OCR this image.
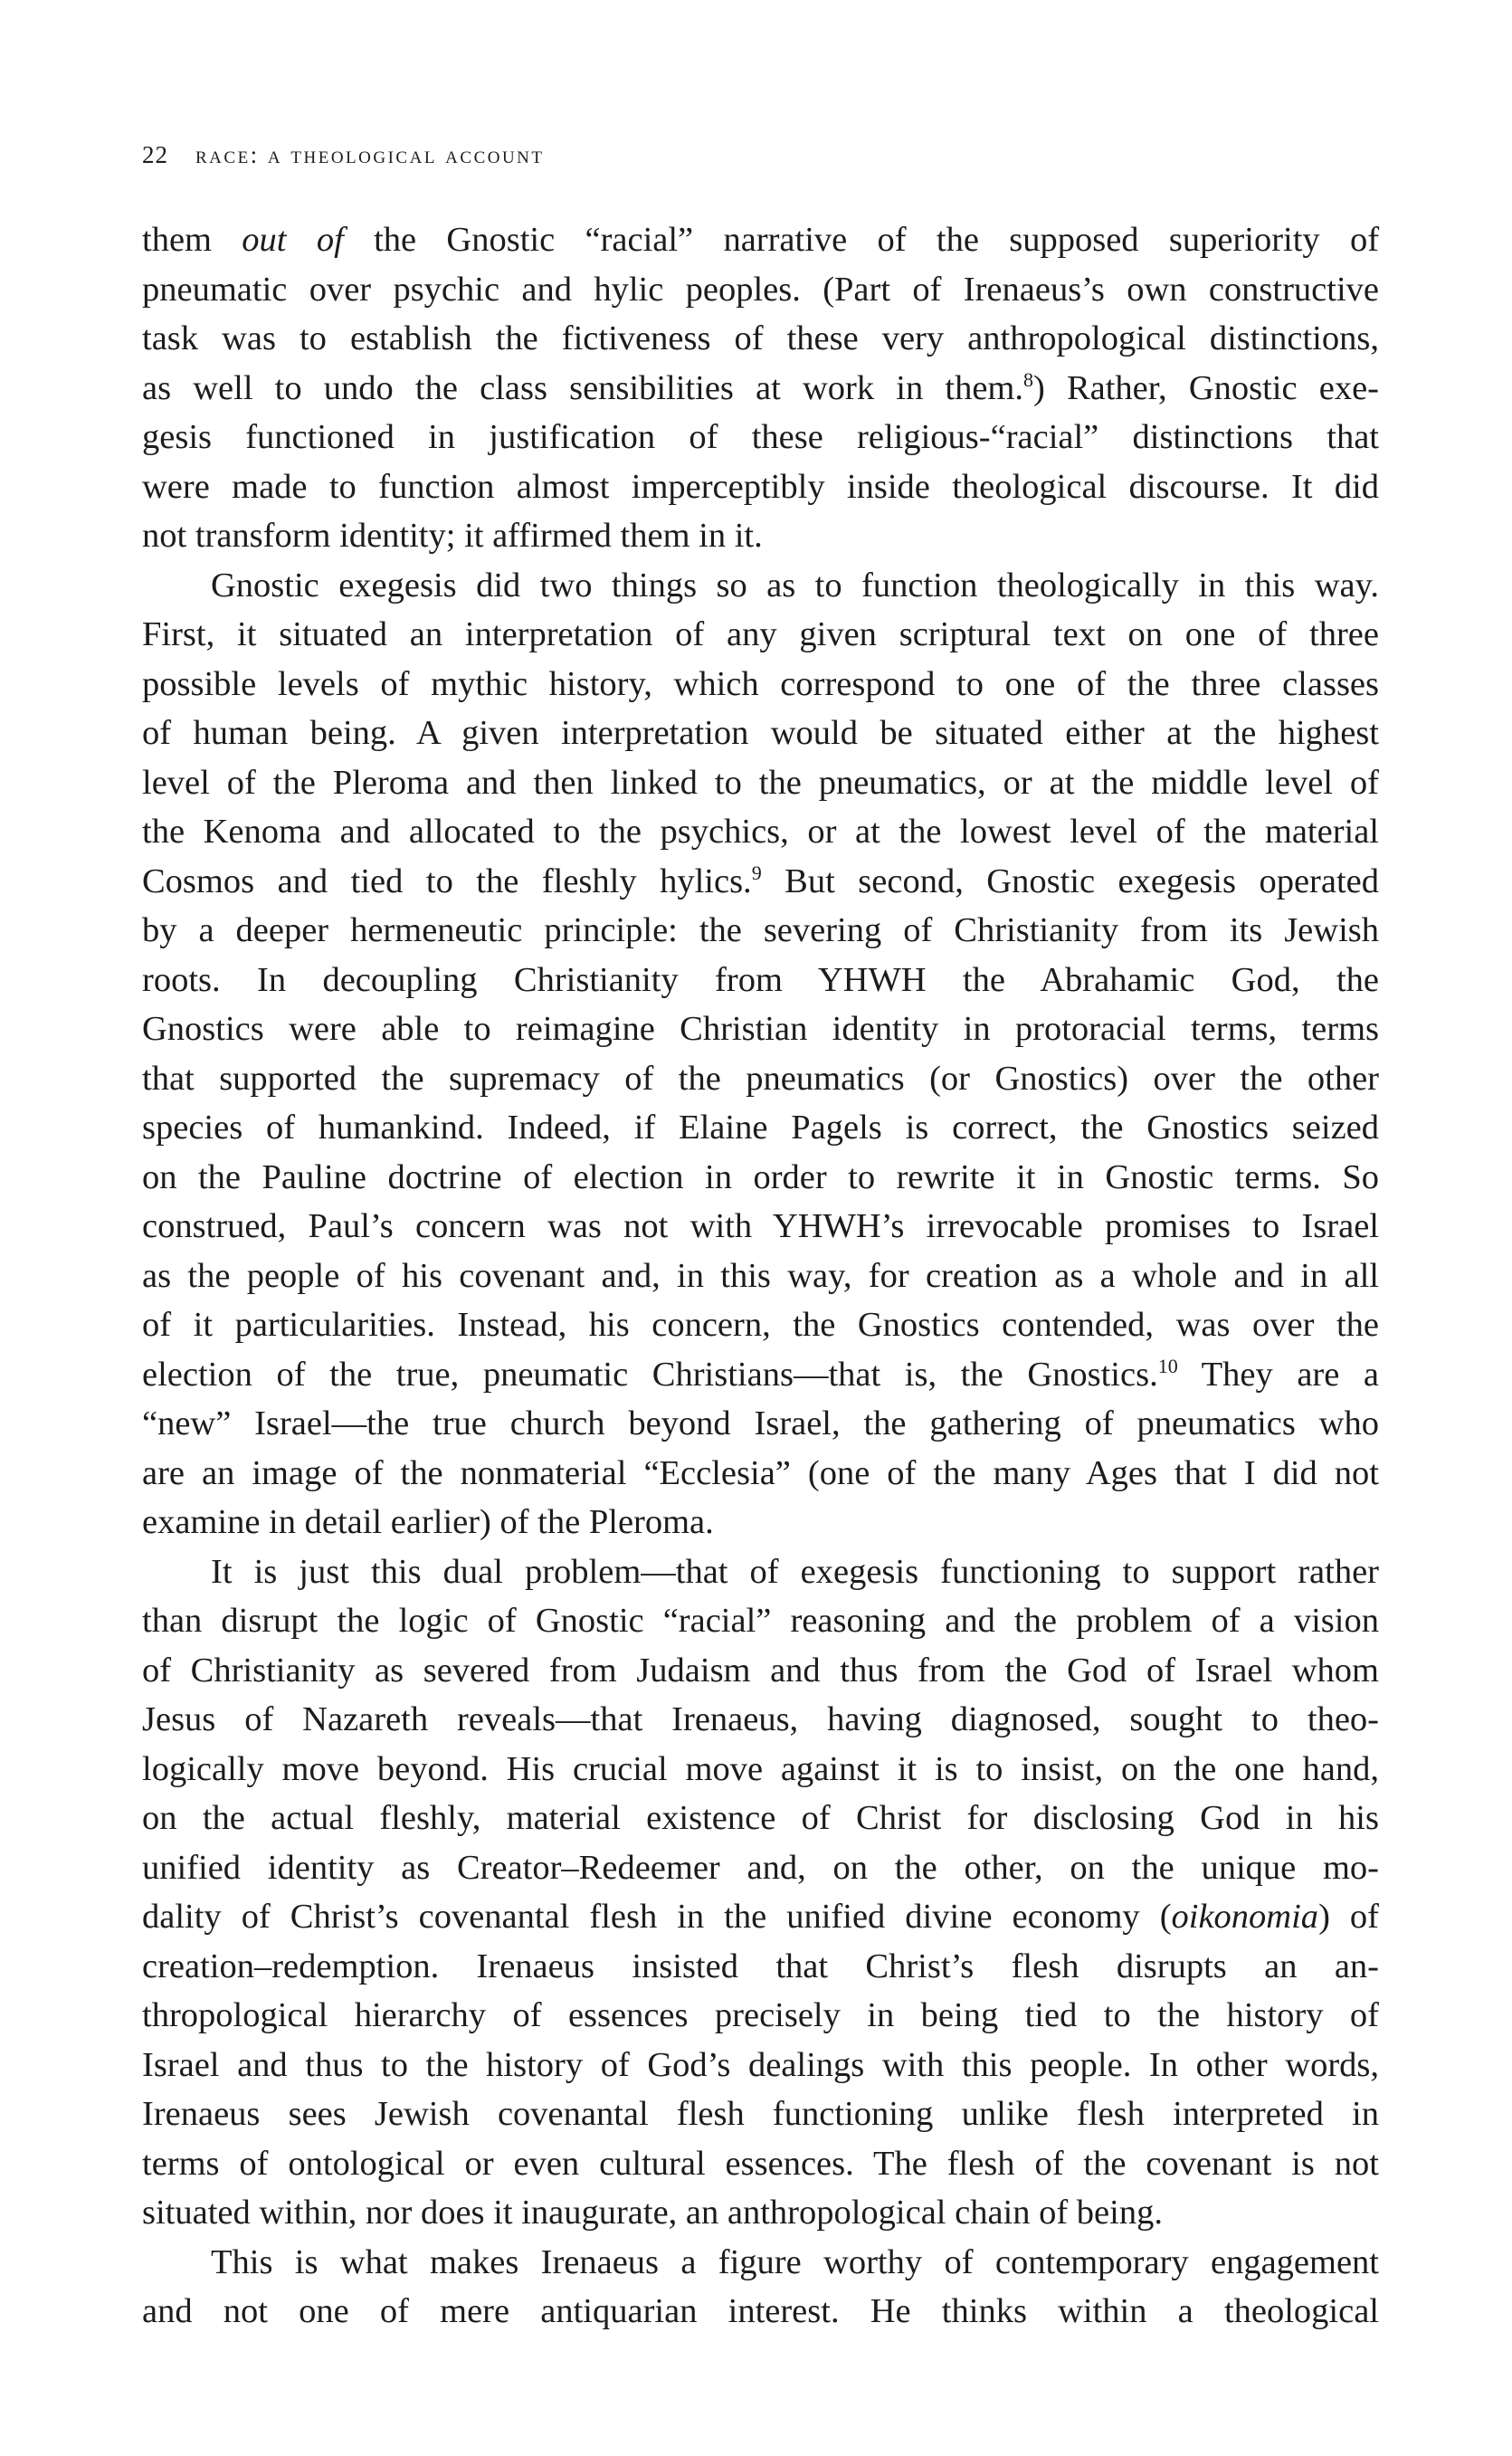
22 race: a theological account
them out of the Gnostic “racial” narrative of the supposed superiority of
pneumatic over psychic and hylic peoples. (Part of Irenaeus’s own constructive
task was to establish the fictiveness of these very anthropological distinctions,
as well to undo the class sensibilities at work in them.$^8$) Rather, Gnostic exe-
gesis functioned in justification of these religious-“racial” distinctions that
were made to function almost imperceptibly inside theological discourse. It did
not transform identity; it affirmed them in it.
Gnostic exegesis did two things so as to function theologically in this way.
First, it situated an interpretation of any given scriptural text on one of three
possible levels of mythic history, which correspond to one of the three classes
of human being. A given interpretation would be situated either at the highest
level of the Pleroma and then linked to the pneumatics, or at the middle level of
the Kenoma and allocated to the psychics, or at the lowest level of the material
Cosmos and tied to the fleshly hylics.$^9$ But second, Gnostic exegesis operated
by a deeper hermeneutic principle: the severing of Christianity from its Jewish
roots. In decoupling Christianity from YHWH the Abrahamic God, the
Gnostics were able to reimagine Christian identity in protoracial terms, terms
that supported the supremacy of the pneumatics (or Gnostics) over the other
species of humankind. Indeed, if Elaine Pagels is correct, the Gnostics seized
on the Pauline doctrine of election in order to rewrite it in Gnostic terms. So
construed, Paul’s concern was not with YHWH’s irrevocable promises to Israel
as the people of his covenant and, in this way, for creation as a whole and in all
of it particularities. Instead, his concern, the Gnostics contended, was over the
election of the true, pneumatic Christians—that is, the Gnostics.$^{10}$ They are a
“new” Israel—the true church beyond Israel, the gathering of pneumatics who
are an image of the nonmaterial “Ecclesia” (one of the many Ages that I did not
examine in detail earlier) of the Pleroma.
It is just this dual problem—that of exegesis functioning to support rather
than disrupt the logic of Gnostic “racial” reasoning and the problem of a vision
of Christianity as severed from Judaism and thus from the God of Israel whom
Jesus of Nazareth reveals—that Irenaeus, having diagnosed, sought to theo-
logically move beyond. His crucial move against it is to insist, on the one hand,
on the actual fleshly, material existence of Christ for disclosing God in his
unified identity as Creator–Redeemer and, on the other, on the unique mo-
dality of Christ’s covenantal flesh in the unified divine economy (oikonomia) of
creation–redemption. Irenaeus insisted that Christ’s flesh disrupts an an-
thropological hierarchy of essences precisely in being tied to the history of
Israel and thus to the history of God’s dealings with this people. In other words,
Irenaeus sees Jewish covenantal flesh functioning unlike flesh interpreted in
terms of ontological or even cultural essences. The flesh of the covenant is not
situated within, nor does it inaugurate, an anthropological chain of being.
This is what makes Irenaeus a figure worthy of contemporary engagement
and not one of mere antiquarian interest. He thinks within a theological
